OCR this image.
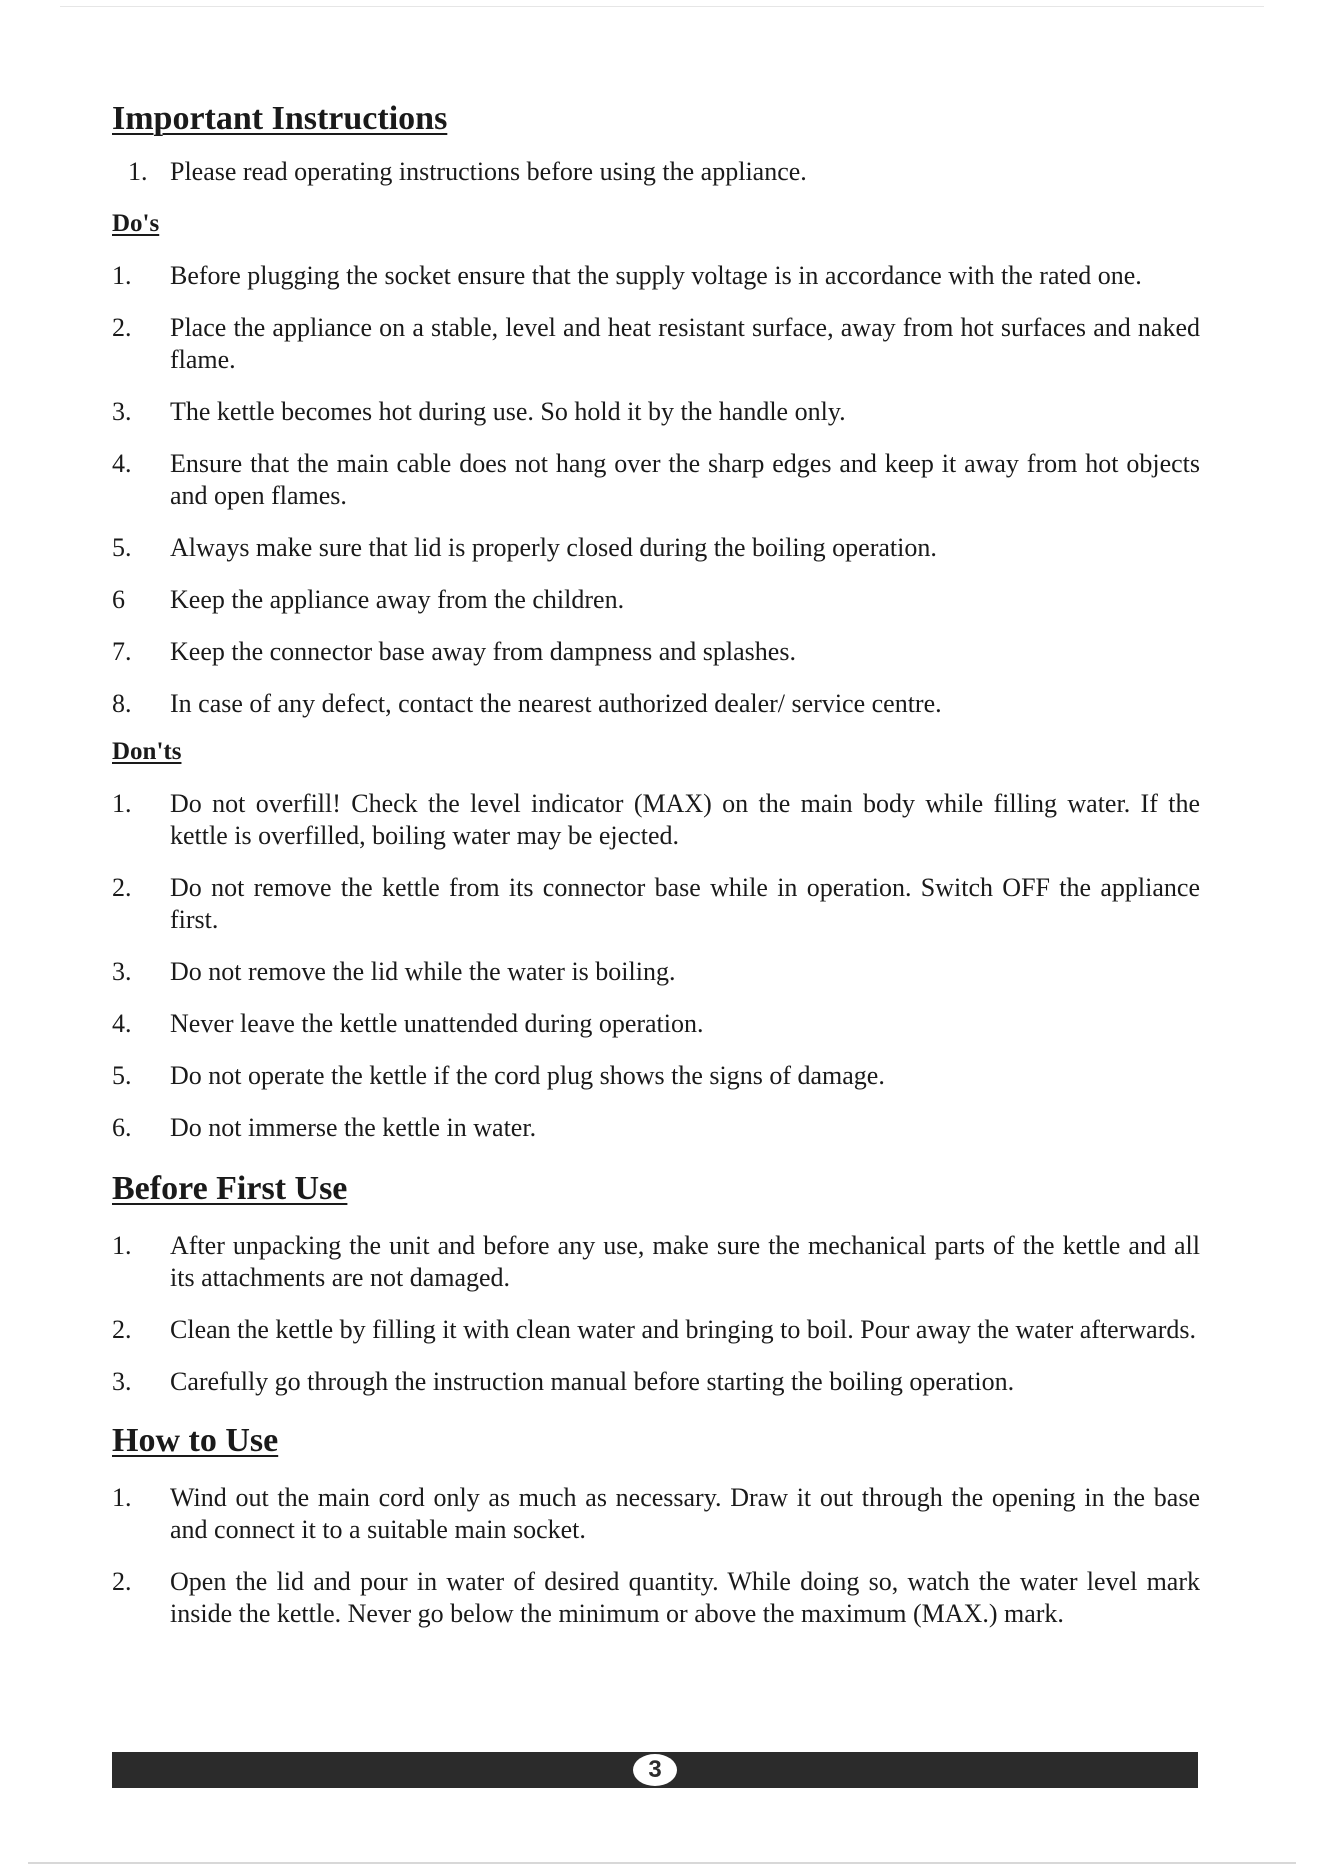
Important Instructions
1. Please read operating instructions before using the appliance.
Do's
1.	Before plugging the socket ensure that the supply voltage is in accordance with the rated one.
2.	Place the appliance on a stable, level and heat resistant surface, away from hot surfaces and naked flame.
3.	The kettle becomes hot during use. So hold it by the handle only.
4.	Ensure that the main cable does not hang over the sharp edges and keep it away from hot objects and open flames.
5.	Always make sure that lid is properly closed during the boiling operation.
6	Keep the appliance away from the children.
7.	Keep the connector base away from dampness and splashes.
8.	In case of any defect, contact the nearest authorized dealer/ service centre.
Don'ts
1.	Do not overfill! Check the level indicator (MAX) on the main body while filling water. If the kettle is overfilled, boiling water may be ejected.
2.	Do not remove the kettle from its connector base while in operation. Switch OFF the appliance first.
3.	Do not remove the lid while the water is boiling.
4.	Never leave the kettle unattended during operation.
5.	Do not operate the kettle if the cord plug shows the signs of damage.
6.	Do not immerse the kettle in water.
Before First Use
1.	After unpacking the unit and before any use, make sure the mechanical parts of the kettle and all its attachments are not damaged.
2.	Clean the kettle by filling it with clean water and bringing to boil. Pour away the water afterwards.
3.	Carefully go through the instruction manual before starting the boiling operation.
How to Use
1.	Wind out the main cord only as much as necessary. Draw it out through the opening in the base and connect it to a suitable main socket.
2.	Open the lid and pour in water of desired quantity. While doing so, watch the water level mark inside the kettle. Never go below the minimum or above the maximum (MAX.) mark.
3
